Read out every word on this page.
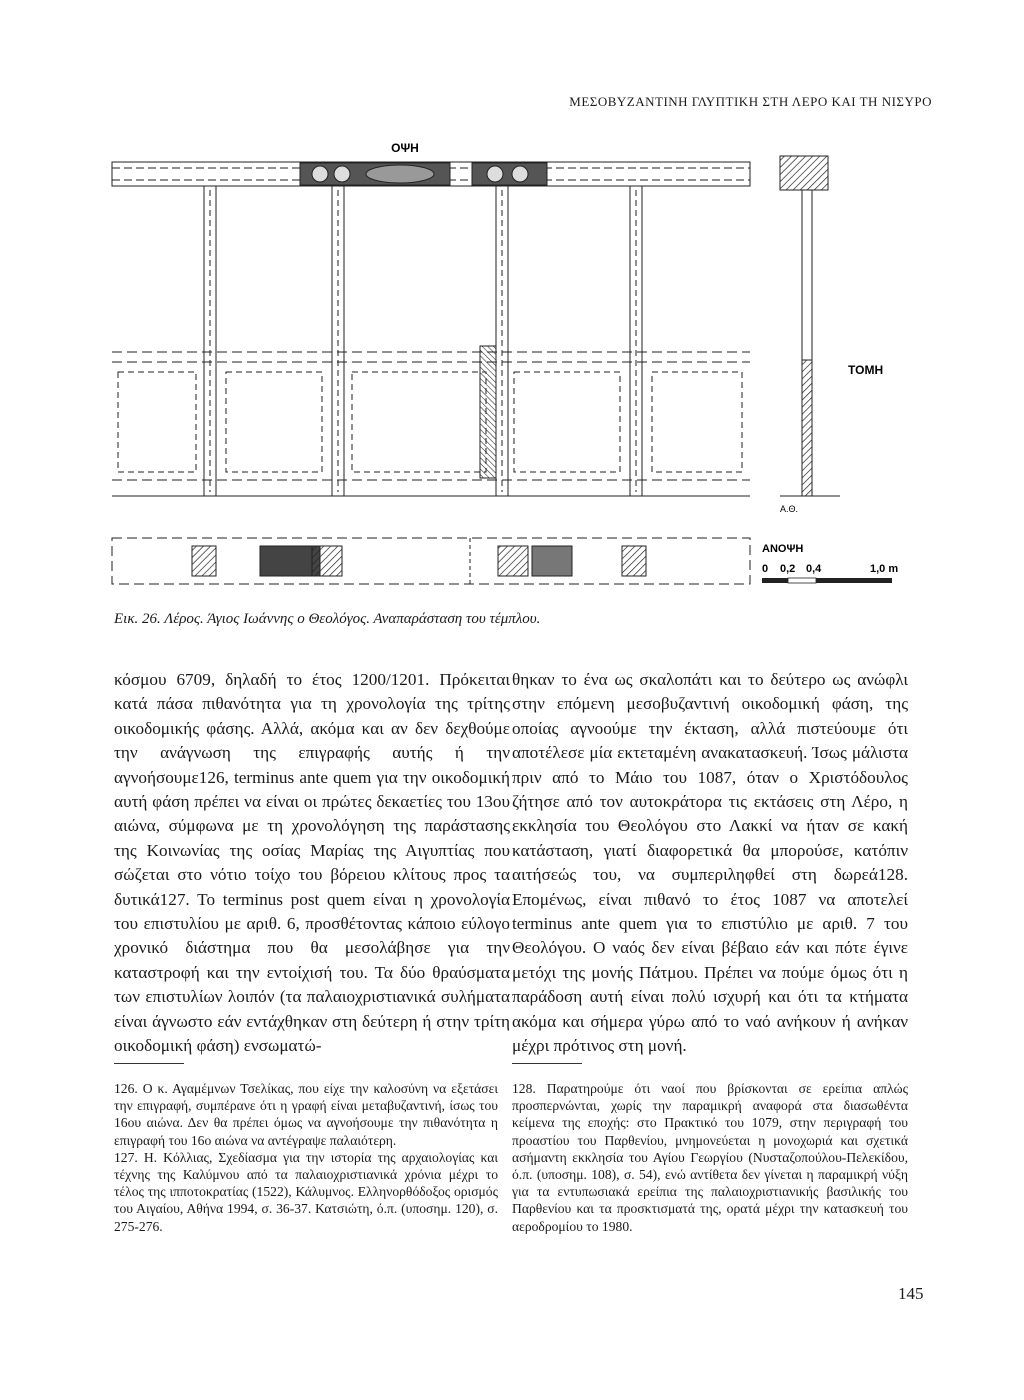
ΜΕΣΟΒΥΖΑΝΤΙΝΗ ΓΛΥΠΤΙΚΗ ΣΤΗ ΛΕΡΟ ΚΑΙ ΤΗ ΝΙΣΥΡΟ
ΟΨΗ
ΤΟΜΗ
Α.Θ.
ΑΝΟΨΗ
0 0,2 0,4	1,0 m
Εικ. 26. Λέρος. Άγιος Ιωάννης ο Θεολόγος. Αναπαράσταση του τέμπλου.

κόσμου 6709, δηλαδή το έτος 1200/1201. Πρόκειται κατά πάσα πιθανότητα για τη χρονολογία της τρίτης οικοδομικής φάσης. Αλλά, ακόμα και αν δεν δεχθούμε την ανάγνωση της επιγραφής αυτής ή την αγνοήσουμε126, terminus ante quem για την οικοδομική αυτή φάση πρέπει να είναι οι πρώτες δεκαετίες του 13ου αιώνα, σύμφωνα με τη χρονολόγηση της παράστασης της Κοινωνίας της οσίας Μαρίας της Αιγυπτίας που σώζεται στο νότιο τοίχο του βόρειου κλίτους προς τα δυτικά127. Το terminus post quem είναι η χρονολογία του επιστυλίου με αριθ. 6, προσθέτοντας κάποιο εύλογο χρονικό διάστημα που θα μεσολάβησε για την καταστροφή και την εντοίχισή του. Τα δύο θραύσματα των επιστυλίων λοιπόν (τα παλαιοχριστιανικά συλήματα είναι άγνωστο εάν εντάχθηκαν στη δεύτερη ή στην τρίτη οικοδομική φάση) ενσωματώ-

θηκαν το ένα ως σκαλοπάτι και το δεύτερο ως ανώφλι στην επόμενη μεσοβυζαντινή οικοδομική φάση, της οποίας αγνοούμε την έκταση, αλλά πιστεύουμε ότι αποτέλεσε μία εκτεταμένη ανακατασκευή. Ίσως μάλιστα πριν από το Μάιο του 1087, όταν ο Χριστόδουλος ζήτησε από τον αυτοκράτορα τις εκτάσεις στη Λέρο, η εκκλησία του Θεολόγου στο Λακκί να ήταν σε κακή κατάσταση, γιατί διαφορετικά θα μπορούσε, κατόπιν αιτήσεώς του, να συμπεριληφθεί στη δωρεά128. Επομένως, είναι πιθανό το έτος 1087 να αποτελεί terminus ante quem για το επιστύλιο με αριθ. 7 του Θεολόγου. Ο ναός δεν είναι βέβαιο εάν και πότε έγινε μετόχι της μονής Πάτμου. Πρέπει να πούμε όμως ότι η παράδοση αυτή είναι πολύ ισχυρή και ότι τα κτήματα ακόμα και σήμερα γύρω από το ναό ανήκουν ή ανήκαν μέχρι πρότινος στη μονή.

126. Ο κ. Αγαμέμνων Τσελίκας, που είχε την καλοσύνη να εξετάσει την επιγραφή, συμπέρανε ότι η γραφή είναι μεταβυζαντινή, ίσως του 16ου αιώνα. Δεν θα πρέπει όμως να αγνοήσουμε την πιθανότητα η επιγραφή του 16ο αιώνα να αντέγραψε παλαιότερη.

127. Η. Κόλλιας, Σχεδίασμα για την ιστορία της αρχαιολογίας και τέχνης της Καλύμνου από τα παλαιοχριστιανικά χρόνια μέχρι το τέλος της ιπποτοκρατίας (1522), Κάλυμνος. Ελληνορθόδοξος ορισμός του Αιγαίου, Αθήνα 1994, σ. 36-37. Κατσιώτη, ό.π. (υποσημ. 120), σ. 275-276.

128. Παρατηρούμε ότι ναοί που βρίσκονται σε ερείπια απλώς προσπερνώνται, χωρίς την παραμικρή αναφορά στα διασωθέντα κείμενα της εποχής: στο Πρακτικό του 1079, στην περιγραφή του προαστίου του Παρθενίου, μνημονεύεται η μονοχωριά και σχετικά ασήμαντη εκκλησία του Αγίου Γεωργίου (Νυσταζοπούλου-Πελεκίδου, ό.π. (υποσημ. 108), σ. 54), ενώ αντίθετα δεν γίνεται η παραμικρή νύξη για τα εντυπωσιακά ερείπια της παλαιοχριστιανικής βασιλικής του Παρθενίου και τα προσκτισματά της, ορατά μέχρι την κατασκευή του αεροδρομίου το 1980.

145
